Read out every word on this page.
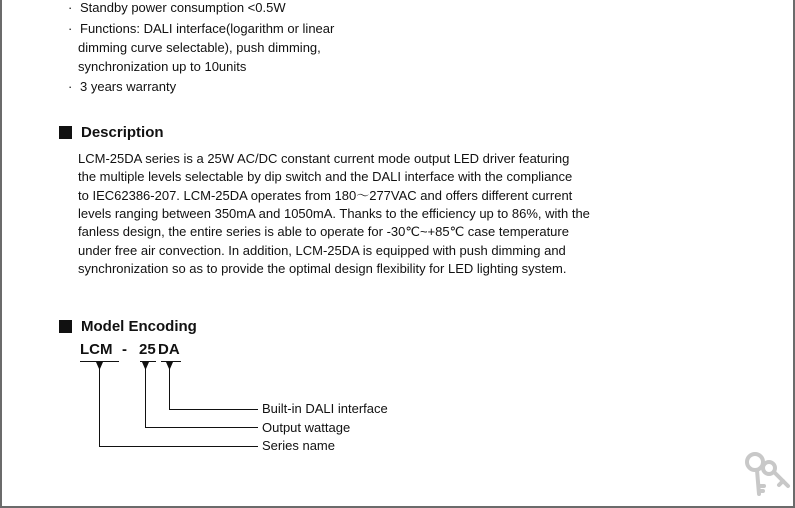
· Standby power consumption <0.5W
· Functions: DALI interface(logarithm or linear
dimming curve selectable), push dimming,
synchronization up to 10units
· 3 years warranty
Description
LCM-25DA series is a 25W AC/DC constant current mode output LED driver featuring
the multiple levels selectable by dip switch and the DALI interface with the compliance
to IEC62386-207. LCM-25DA operates from 180～277VAC and offers different current
levels ranging between 350mA and 1050mA. Thanks to the efficiency up to 86%, with the
fanless design, the entire series is able to operate for -30℃~+85℃ case temperature
under free air convection. In addition, LCM-25DA is equipped with push dimming and
synchronization so as to provide the optimal design flexibility for LED lighting system.
Model Encoding
LCM - 25 DA
Built-in DALI interface
Output wattage
Series name
